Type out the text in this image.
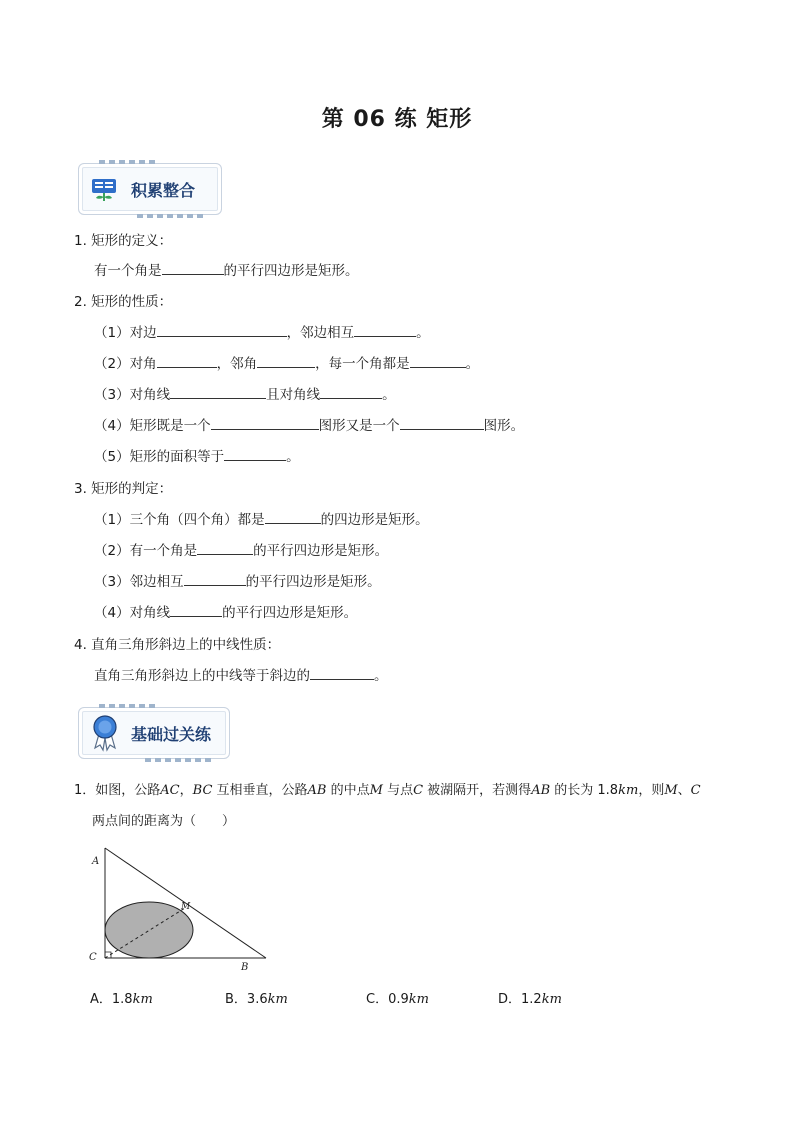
第 06 练 矩形
积累整合
1. 矩形的定义：
有一个角是	的平行四边形是矩形。
2. 矩形的性质：
（1）对边	，邻边相互	。
（2）对角	，邻角	，每一个角都是	。
（3）对角线	且对角线	。
（4）矩形既是一个	图形又是一个	图形。
（5）矩形的面积等于	。
3. 矩形的判定：
（1）三个角（四个角）都是	的四边形是矩形。
（2）有一个角是	的平行四边形是矩形。
（3）邻边相互	的平行四边形是矩形。
（4）对角线	的平行四边形是矩形。
4. 直角三角形斜边上的中线性质：
直角三角形斜边上的中线等于斜边的	。
基础过关练
1．如图，公路AC，BC 互相垂直，公路AB 的中点M 与点C 被湖隔开，若测得AB 的长为 1.8km，则M、C
两点间的距离为（　　）
A
C
B
M
A．1.8km	B．3.6km	C．0.9km	D．1.2km
